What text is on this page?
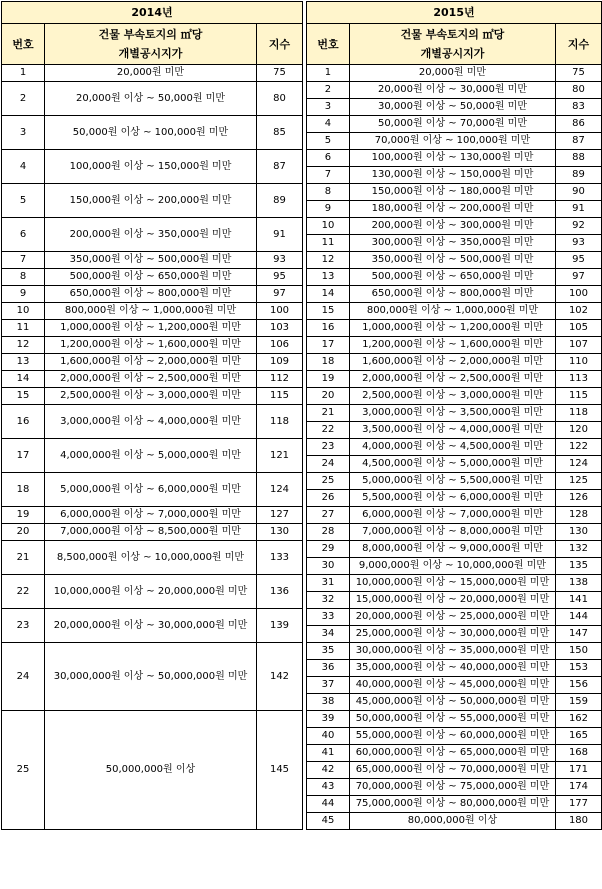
2014년		
번호	건물 부속토지의 ㎡당
개별공시지가	지수
1	20,000원 미만	75
2	20,000원 이상 ~ 50,000원 미만	80

3	50,000원 이상 ~ 100,000원 미만	85

4	100,000원 이상 ~ 150,000원 미만	87

5	150,000원 이상 ~ 200,000원 미만	89

6	200,000원 이상 ~ 350,000원 미만	91

7	350,000원 이상 ~ 500,000원 미만	93
8	500,000원 이상 ~ 650,000원 미만	95
9	650,000원 이상 ~ 800,000원 미만	97
10	800,000원 이상 ~ 1,000,000원 미만	100
11	1,000,000원 이상 ~ 1,200,000원 미만	103
12	1,200,000원 이상 ~ 1,600,000원 미만	106
13	1,600,000원 이상 ~ 2,000,000원 미만	109
14	2,000,000원 이상 ~ 2,500,000원 미만	112
15	2,500,000원 이상 ~ 3,000,000원 미만	115
16	3,000,000원 이상 ~ 4,000,000원 미만	118

17	4,000,000원 이상 ~ 5,000,000원 미만	121

18	5,000,000원 이상 ~ 6,000,000원 미만	124

19	6,000,000원 이상 ~ 7,000,000원 미만	127
20	7,000,000원 이상 ~ 8,500,000원 미만	130
21	8,500,000원 이상 ~ 10,000,000원 미만	133

22	10,000,000원 이상 ~ 20,000,000원 미만	136

23	20,000,000원 이상 ~ 30,000,000원 미만	139

24	30,000,000원 이상 ~ 50,000,000원 미만	142

25	50,000,000원 이상	145

2015년		
번호	건물 부속토지의 ㎡당
개별공시지가	지수
1	20,000원 미만	75
2	20,000원 이상 ~ 30,000원 미만	80
3	30,000원 이상 ~ 50,000원 미만	83
4	50,000원 이상 ~ 70,000원 미만	86
5	70,000원 이상 ~ 100,000원 미만	87
6	100,000원 이상 ~ 130,000원 미만	88
7	130,000원 이상 ~ 150,000원 미만	89
8	150,000원 이상 ~ 180,000원 미만	90
9	180,000원 이상 ~ 200,000원 미만	91
10	200,000원 이상 ~ 300,000원 미만	92
11	300,000원 이상 ~ 350,000원 미만	93
12	350,000원 이상 ~ 500,000원 미만	95
13	500,000원 이상 ~ 650,000원 미만	97
14	650,000원 이상 ~ 800,000원 미만	100
15	800,000원 이상 ~ 1,000,000원 미만	102
16	1,000,000원 이상 ~ 1,200,000원 미만	105
17	1,200,000원 이상 ~ 1,600,000원 미만	107
18	1,600,000원 이상 ~ 2,000,000원 미만	110
19	2,000,000원 이상 ~ 2,500,000원 미만	113
20	2,500,000원 이상 ~ 3,000,000원 미만	115
21	3,000,000원 이상 ~ 3,500,000원 미만	118
22	3,500,000원 이상 ~ 4,000,000원 미만	120
23	4,000,000원 이상 ~ 4,500,000원 미만	122
24	4,500,000원 이상 ~ 5,000,000원 미만	124
25	5,000,000원 이상 ~ 5,500,000원 미만	125
26	5,500,000원 이상 ~ 6,000,000원 미만	126
27	6,000,000원 이상 ~ 7,000,000원 미만	128
28	7,000,000원 이상 ~ 8,000,000원 미만	130
29	8,000,000원 이상 ~ 9,000,000원 미만	132
30	9,000,000원 이상 ~ 10,000,000원 미만	135
31	10,000,000원 이상 ~ 15,000,000원 미만	138
32	15,000,000원 이상 ~ 20,000,000원 미만	141
33	20,000,000원 이상 ~ 25,000,000원 미만	144
34	25,000,000원 이상 ~ 30,000,000원 미만	147
35	30,000,000원 이상 ~ 35,000,000원 미만	150
36	35,000,000원 이상 ~ 40,000,000원 미만	153
37	40,000,000원 이상 ~ 45,000,000원 미만	156
38	45,000,000원 이상 ~ 50,000,000원 미만	159
39	50,000,000원 이상 ~ 55,000,000원 미만	162
40	55,000,000원 이상 ~ 60,000,000원 미만	165
41	60,000,000원 이상 ~ 65,000,000원 미만	168
42	65,000,000원 이상 ~ 70,000,000원 미만	171
43	70,000,000원 이상 ~ 75,000,000원 미만	174
44	75,000,000원 이상 ~ 80,000,000원 미만	177
45	80,000,000원 이상	180
